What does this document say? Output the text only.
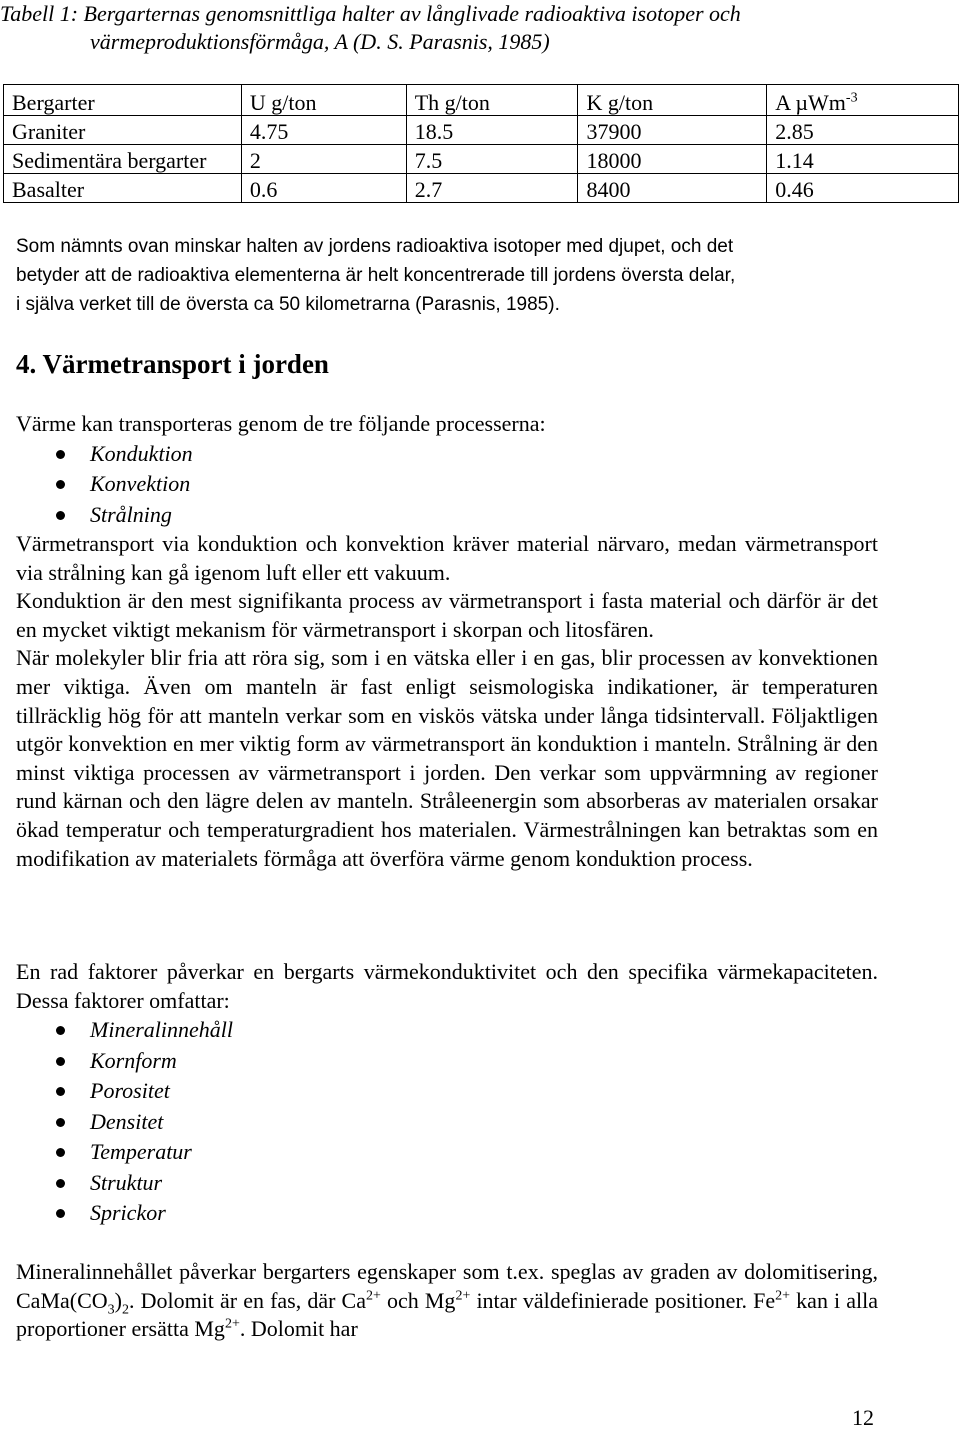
Tabell 1: Bergarternas genomsnittliga halter av långlivade radioaktiva isotoper och
värmeproduktionsförmåga, A (D. S. Parasnis, 1985)
Bergarter	U g/ton	Th g/ton	K g/ton	A µWm$^{-3}$
Graniter	4.75	18.5	37900	2.85
Sedimentära bergarter	2	7.5	18000	1.14
Basalter	0.6	2.7	8400	0.46
Som nämnts ovan minskar halten av jordens radioaktiva isotoper med djupet, och det
betyder att de radioaktiva elementerna är helt koncentrerade till jordens översta delar,
i själva verket till de översta ca 50 kilometrarna (Parasnis, 1985).
4. Värmetransport i jorden

Värme kan transporteras genom de tre följande processerna:

Konduktion
Konvektion
Strålning

Värmetransport via konduktion och konvektion kräver material närvaro, medan värmetransport via strålning kan gå igenom luft eller ett vakuum.

Konduktion är den mest signifikanta process av värmetransport i fasta material och därför är det en mycket viktigt mekanism för värmetransport i skorpan och litosfären.

När molekyler blir fria att röra sig, som i en vätska eller i en gas, blir processen av konvektionen mer viktiga. Även om manteln är fast enligt seismologiska indikationer, är temperaturen tillräcklig hög för att manteln verkar som en viskös vätska under långa tidsintervall. Följaktligen utgör konvektion en mer viktig form av värmetransport än konduktion i manteln. Strålning är den minst viktiga processen av värmetransport i jorden. Den verkar som uppvärmning av regioner rund kärnan och den lägre delen av manteln. Stråleenergin som absorberas av materialen orsakar ökad temperatur och temperaturgradient hos materialen. Värmestrålningen kan betraktas som en modifikation av materialets förmåga att överföra värme genom konduktion process.

En rad faktorer påverkar en bergarts värmekonduktivitet och den specifika värmekapaciteten. Dessa faktorer omfattar:

Mineralinnehåll
Kornform
Porositet
Densitet
Temperatur
Struktur
Sprickor

Mineralinnehållet påverkar bergarters egenskaper som t.ex. speglas av graden av dolomitisering, $CaMa(CO_3)_2$. Dolomit är en fas, där $Ca^{2+}$ och $Mg^{2+}$ intar väldefinierade positioner. $Fe^{2+}$ kan i alla proportioner ersätta $Mg^{2+}$. Dolomit har

12
